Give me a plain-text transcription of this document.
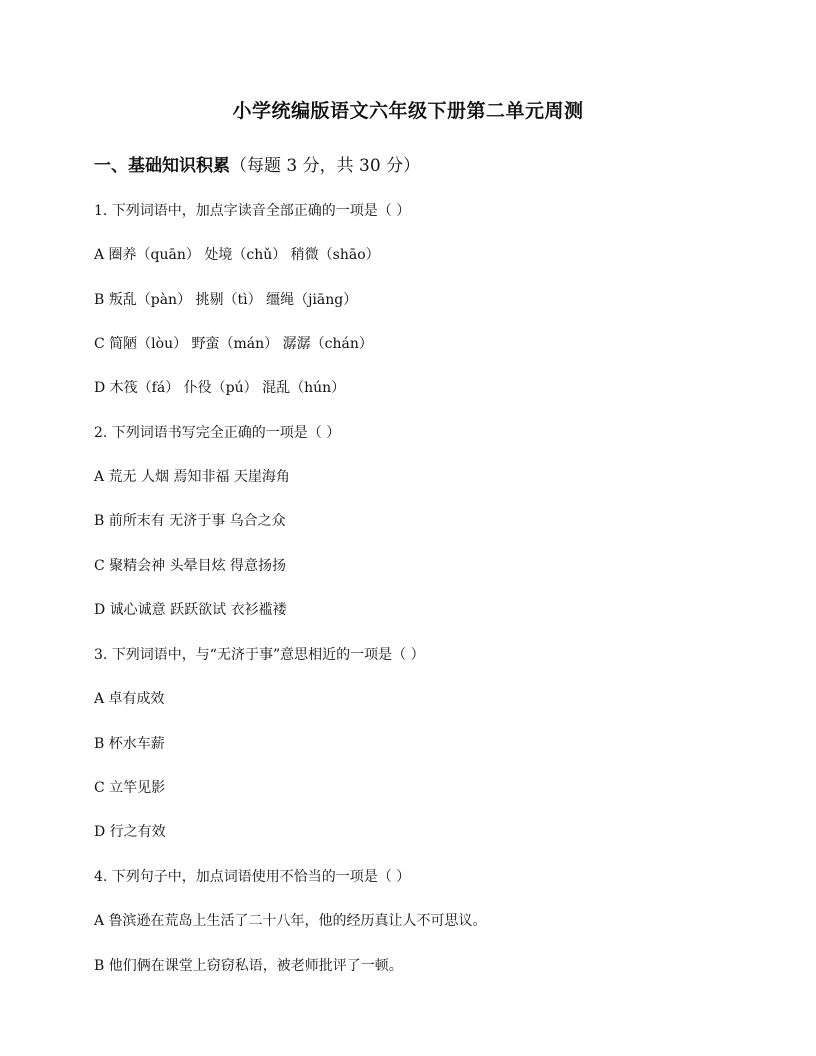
小学统编版语文六年级下册第二单元周测
一、基础知识积累（每题 3 分，共 30 分）
1. 下列词语中，加点字读音全部正确的一项是（ ）
A 圈养（quān） 处境（chǔ） 稍微（shāo）
B 叛乱（pàn） 挑剔（tì） 缰绳（jiāng）
C 简陋（lòu） 野蛮（mán） 潺潺（chán）
D 木筏（fá） 仆役（pú） 混乱（hún）
2. 下列词语书写完全正确的一项是（ ）
A 荒无 人烟 焉知非福 天崖海角
B 前所末有 无济于事 乌合之众
C 聚精会神 头晕目炫 得意扬扬
D 诚心诚意 跃跃欲试 衣衫褴褛
3. 下列词语中，与“无济于事”意思相近的一项是（ ）
A 卓有成效
B 杯水车薪
C 立竿见影
D 行之有效
4. 下列句子中，加点词语使用不恰当的一项是（ ）
A 鲁滨逊在荒岛上生活了二十八年，他的经历真让人不可思议。
B 他们俩在课堂上窃窃私语，被老师批评了一顿。
